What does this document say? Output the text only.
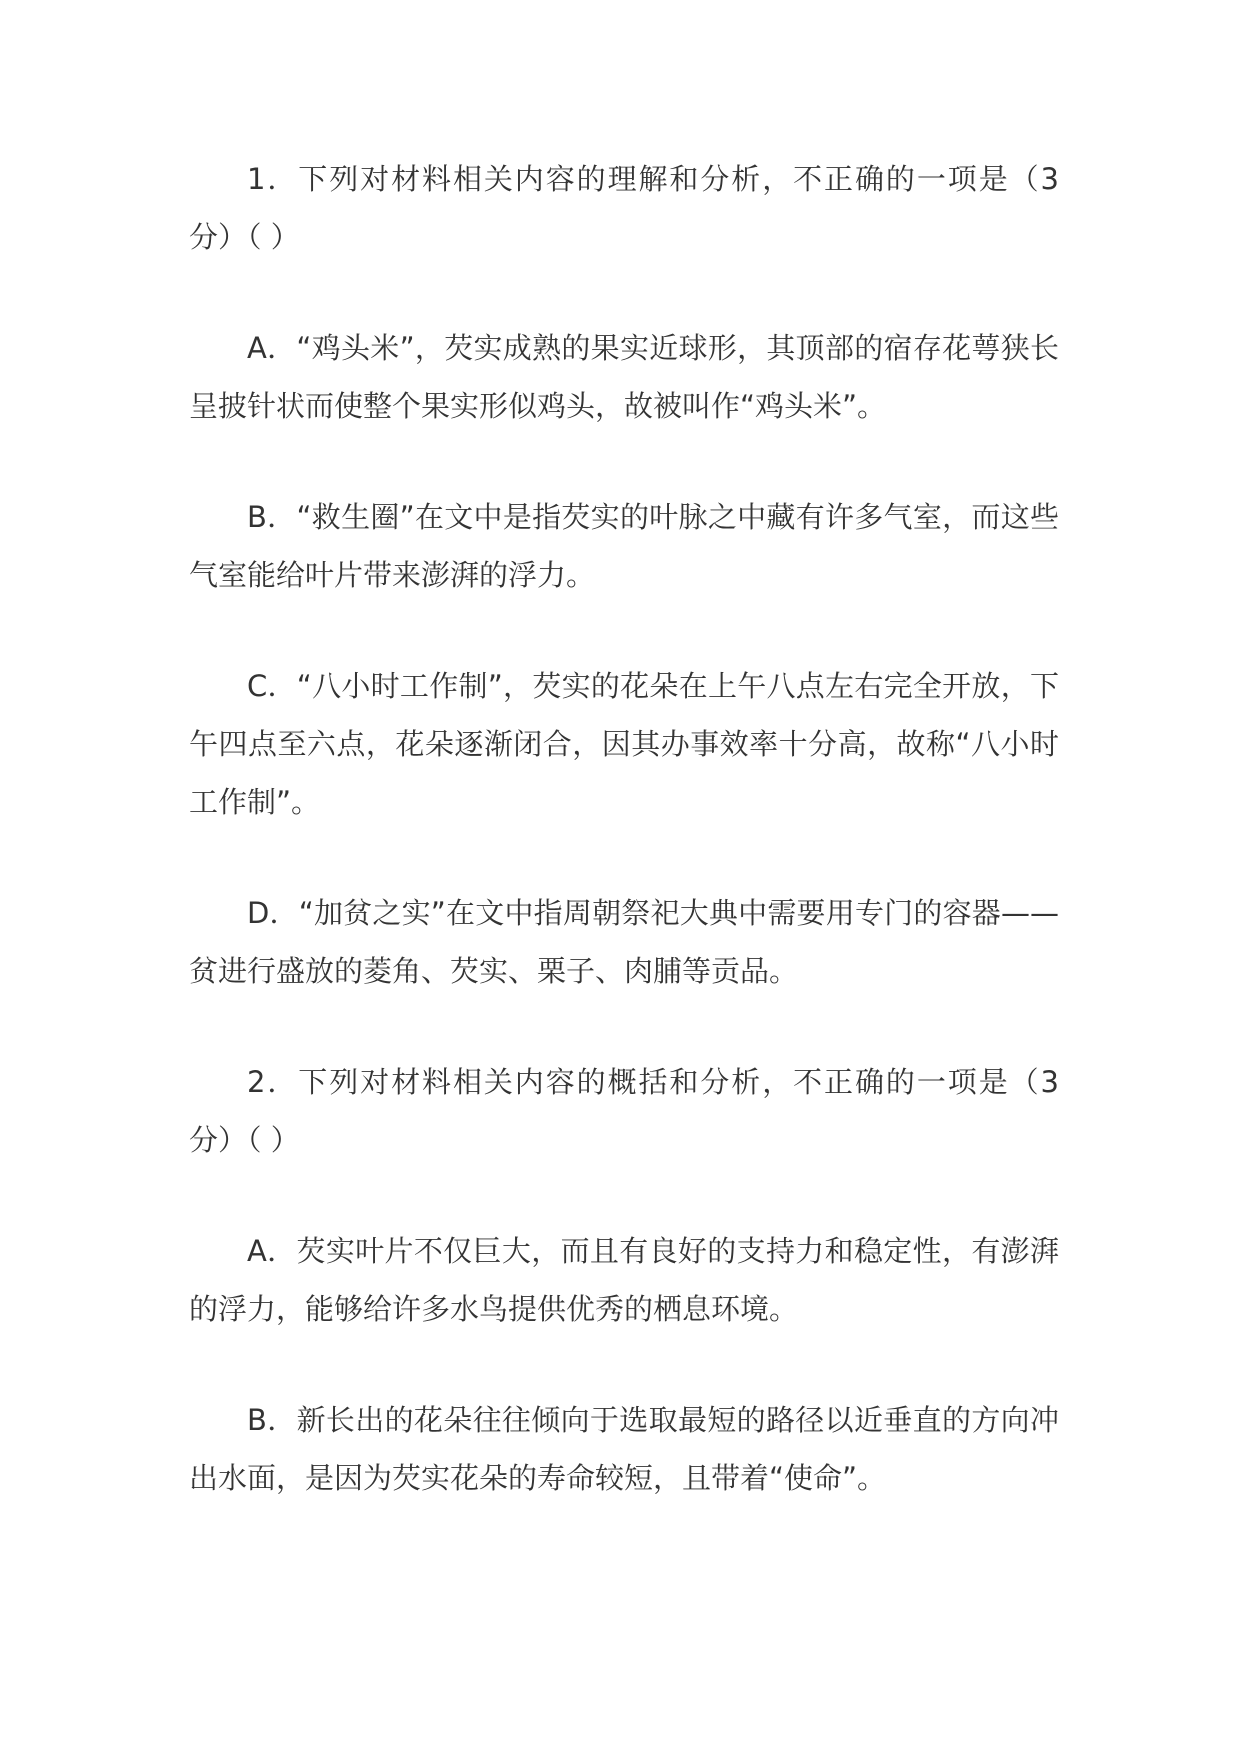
1．下列对材料相关内容的理解和分析，不正确的一项是（3 分）（ ）

A．“鸡头米”，芡实成熟的果实近球形，其顶部的宿存花萼狭长呈披针状而使整个果实形似鸡头，故被叫作“鸡头米”。

B．“救生圈”在文中是指芡实的叶脉之中藏有许多气室，而这些气室能给叶片带来澎湃的浮力。

C．“八小时工作制”，芡实的花朵在上午八点左右完全开放，下午四点至六点，花朵逐渐闭合，因其办事效率十分高，故称“八小时工作制”。

D．“加贫之实”在文中指周朝祭祀大典中需要用专门的容器——贫进行盛放的菱角、芡实、栗子、肉脯等贡品。

2．下列对材料相关内容的概括和分析，不正确的一项是（3 分）（ ）

A．芡实叶片不仅巨大，而且有良好的支持力和稳定性，有澎湃的浮力，能够给许多水鸟提供优秀的栖息环境。

B．新长出的花朵往往倾向于选取最短的路径以近垂直的方向冲出水面，是因为芡实花朵的寿命较短，且带着“使命”。
